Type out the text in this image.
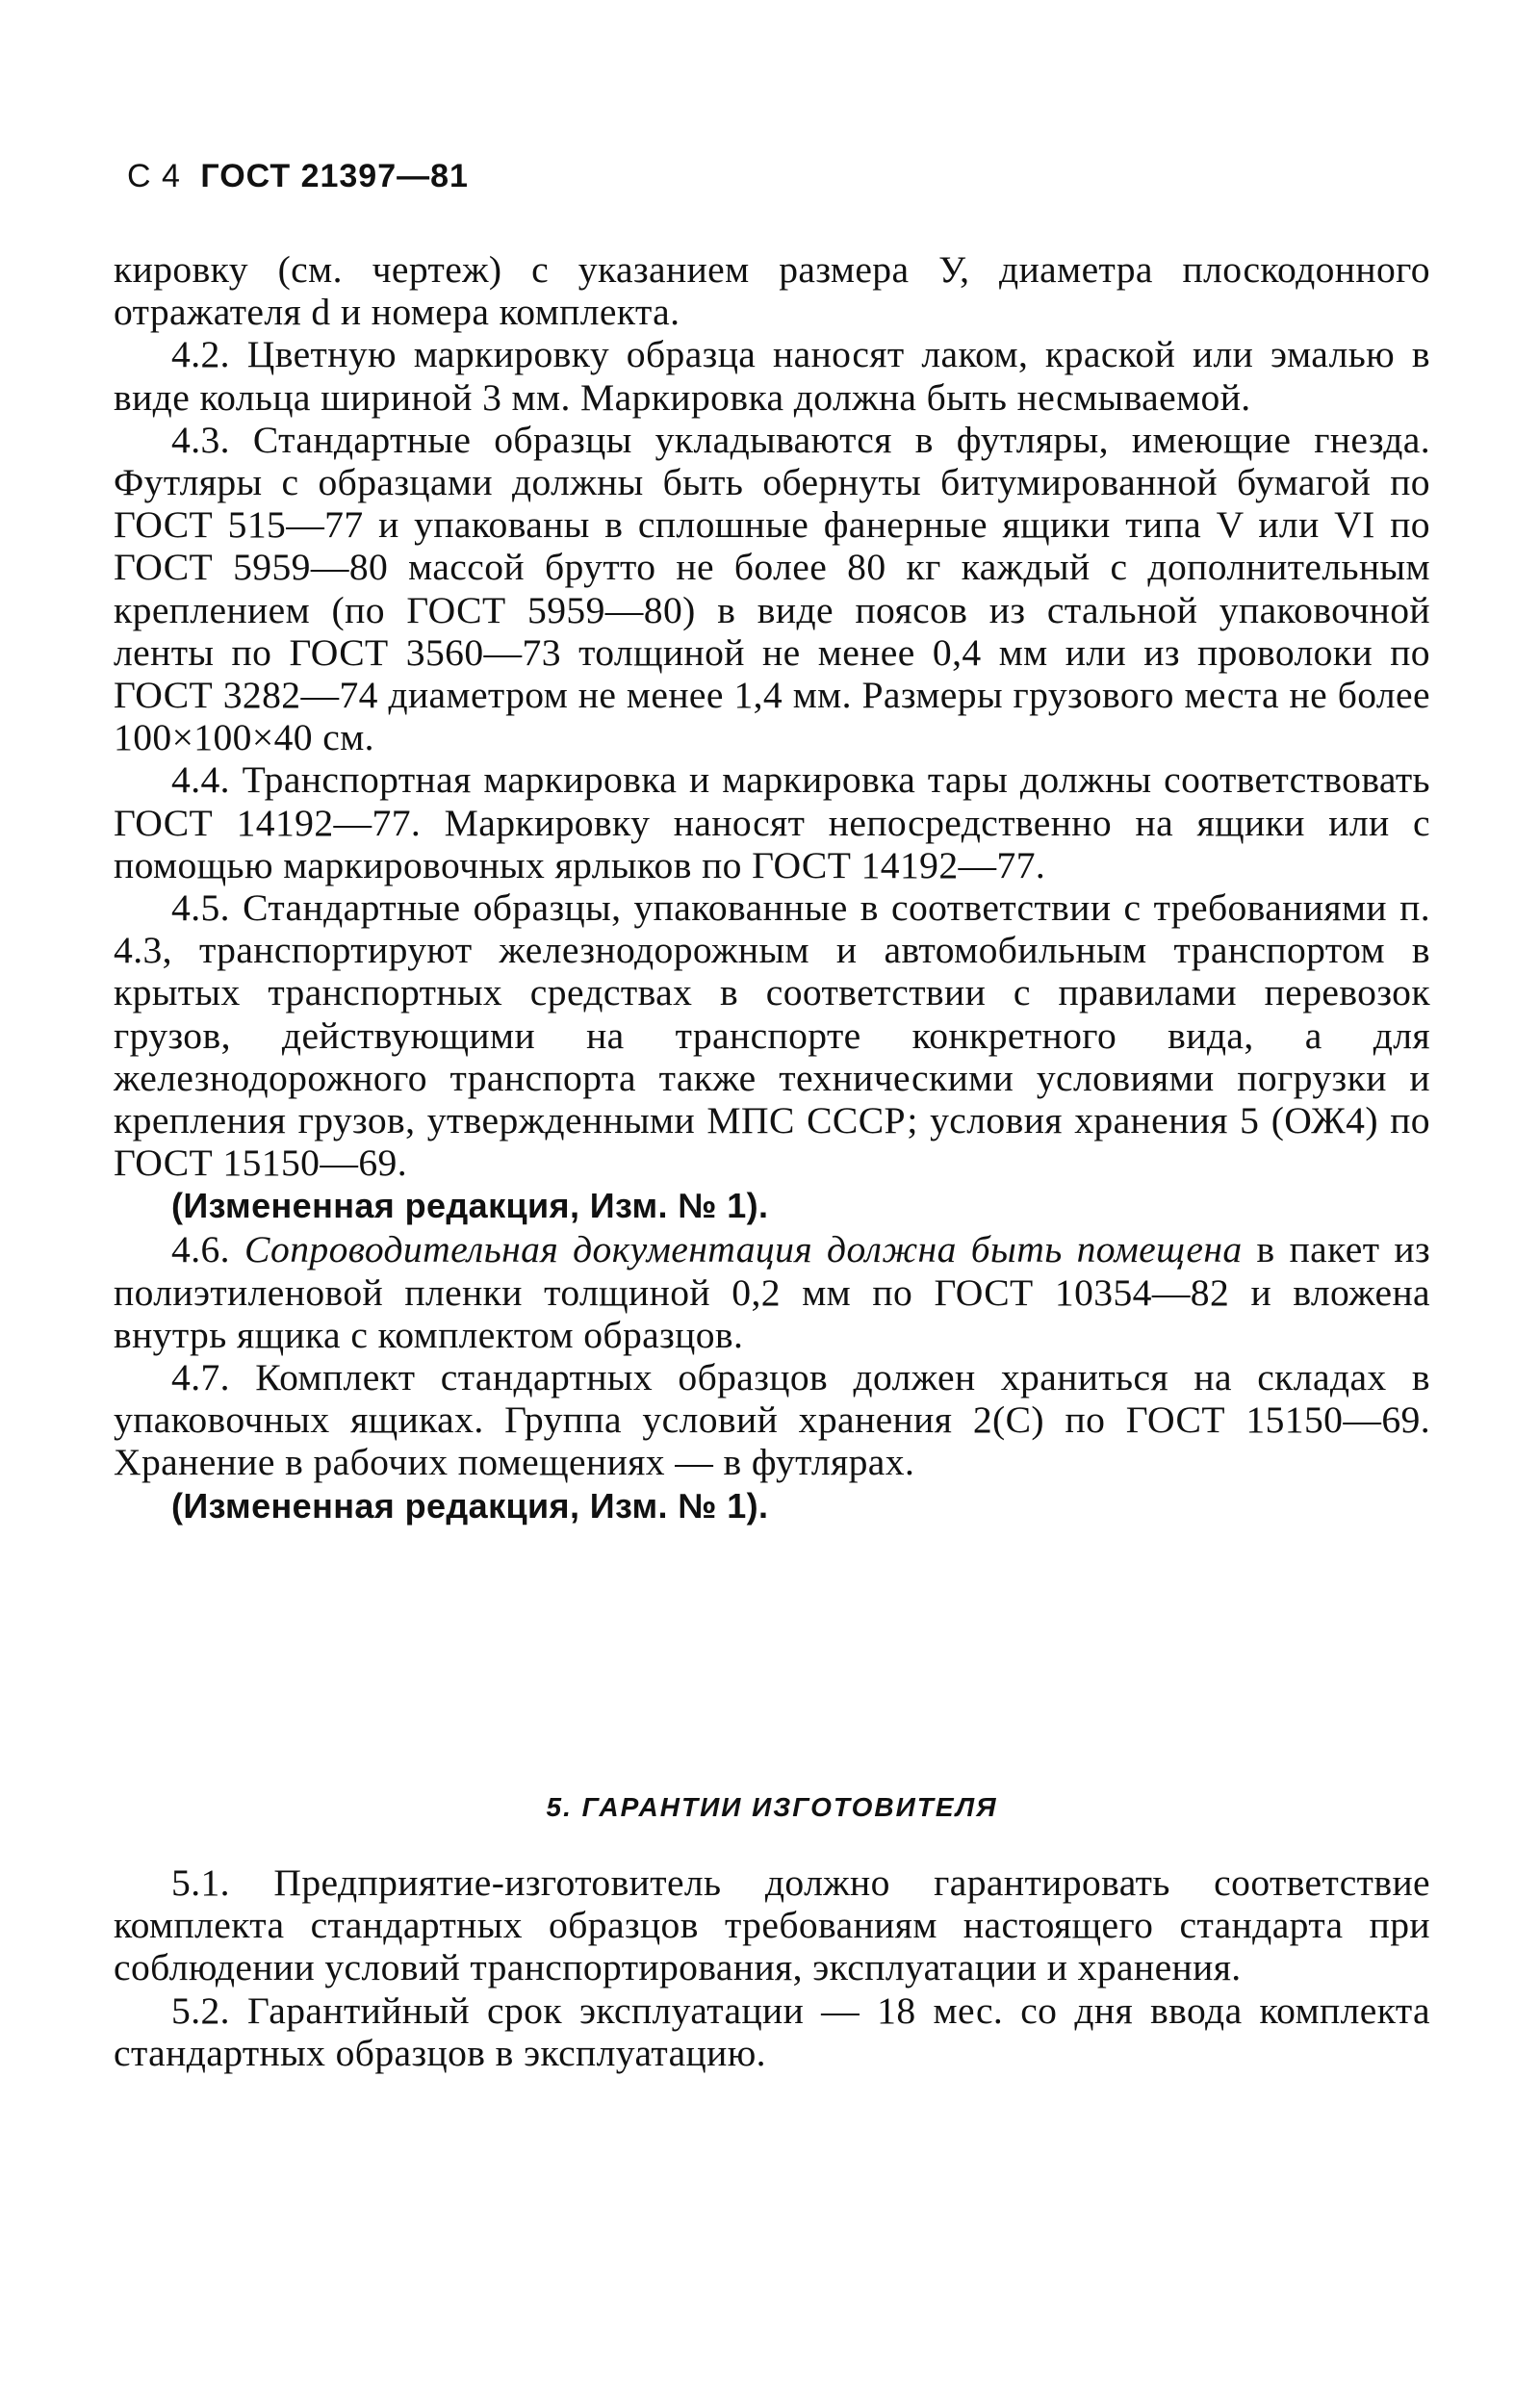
С 4 ГОСТ 21397—81

кировку (см. чертеж) с указанием размера У, диаметра плоскодонного отражателя d и номера комплекта.

4.2. Цветную маркировку образца наносят лаком, краской или эмалью в виде кольца шириной 3 мм. Маркировка должна быть несмываемой.

4.3. Стандартные образцы укладываются в футляры, имеющие гнезда. Футляры с образцами должны быть обернуты битумированной бумагой по ГОСТ 515—77 и упакованы в сплошные фанерные ящики типа V или VI по ГОСТ 5959—80 массой брутто не более 80 кг каждый с дополнительным креплением (по ГОСТ 5959—80) в виде поясов из стальной упаковочной ленты по ГОСТ 3560—73 толщиной не менее 0,4 мм или из проволоки по ГОСТ 3282—74 диаметром не менее 1,4 мм. Размеры грузового места не более 100×100×40 см.

4.4. Транспортная маркировка и маркировка тары должны соответствовать ГОСТ 14192—77. Маркировку наносят непосредственно на ящики или с помощью маркировочных ярлыков по ГОСТ 14192—77.

4.5. Стандартные образцы, упакованные в соответствии с требованиями п. 4.3, транспортируют железнодорожным и автомобильным транспортом в крытых транспортных средствах в соответствии с правилами перевозок грузов, действующими на транспорте конкретного вида, а для железнодорожного транспорта также техническими условиями погрузки и крепления грузов, утвержденными МПС СССР; условия хранения 5 (ОЖ4) по ГОСТ 15150—69.

(Измененная редакция, Изм. № 1).

4.6. Сопроводительная документация должна быть помещена в пакет из полиэтиленовой пленки толщиной 0,2 мм по ГОСТ 10354—82 и вложена внутрь ящика с комплектом образцов.

4.7. Комплект стандартных образцов должен храниться на складах в упаковочных ящиках. Группа условий хранения 2(С) по ГОСТ 15150—69. Хранение в рабочих помещениях — в футлярах.

(Измененная редакция, Изм. № 1).

5. ГАРАНТИИ ИЗГОТОВИТЕЛЯ

5.1. Предприятие-изготовитель должно гарантировать соответствие комплекта стандартных образцов требованиям настоящего стандарта при соблюдении условий транспортирования, эксплуатации и хранения.

5.2. Гарантийный срок эксплуатации — 18 мес. со дня ввода комплекта стандартных образцов в эксплуатацию.
